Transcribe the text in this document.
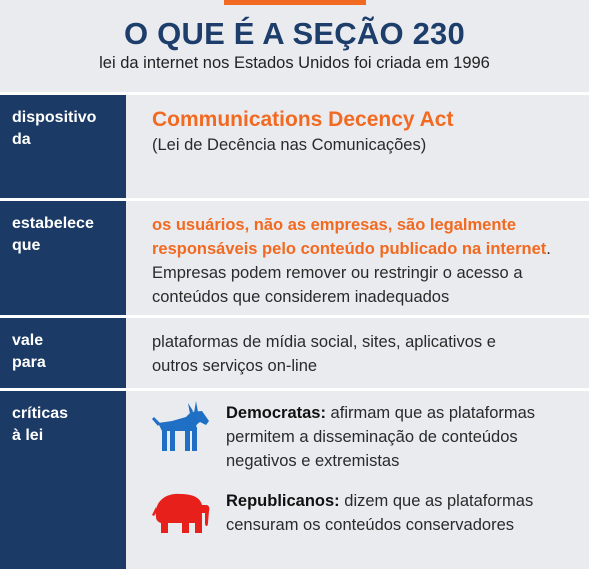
O QUE É A SEÇÃO 230
lei da internet nos Estados Unidos foi criada em 1996
dispositivo
da
Communications Decency Act
(Lei de Decência nas Comunicações)
estabelece
que
os usuários, não as empresas, são legalmente
responsáveis pelo conteúdo publicado na internet.
Empresas podem remover ou restringir o acesso a
conteúdos que considerem inadequados
vale
para
plataformas de mídia social, sites, aplicativos e
outros serviços on-line
críticas
à lei
Democratas: afirmam que as plataformas
permitem a disseminação de conteúdos
negativos e extremistas
Republicanos: dizem que as plataformas
censuram os conteúdos conservadores
